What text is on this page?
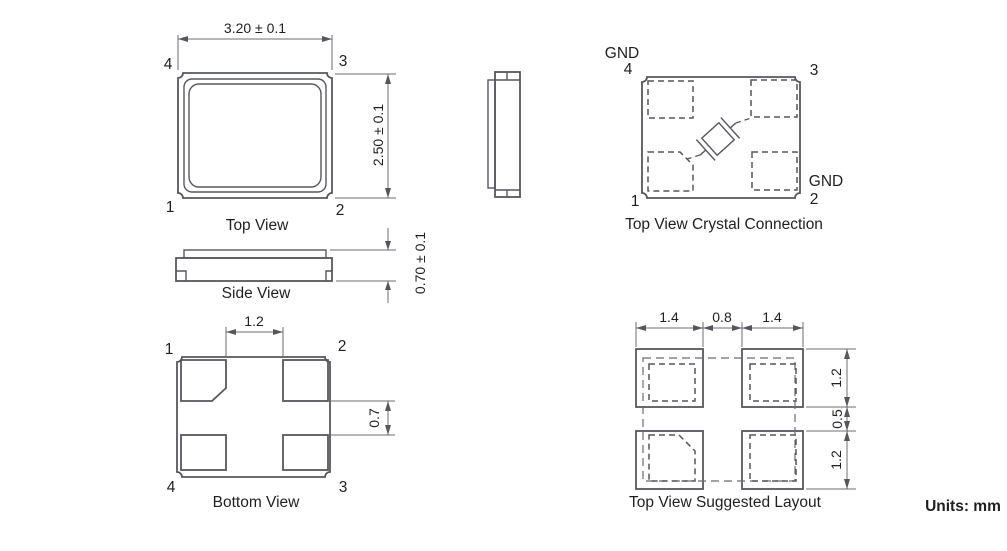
3.20 ± 0.1
2.50 ± 0.1
4	3
1	2
Top View
0.70 ± 0.1
Side View
1.2
0.7
1	2
4	3
Bottom View
GND
4	3
GND
2
1
Top View Crystal Connection
1.4 0.8 1.4
1.2
0.5
1.2
Top View Suggested Layout	Units: mm
